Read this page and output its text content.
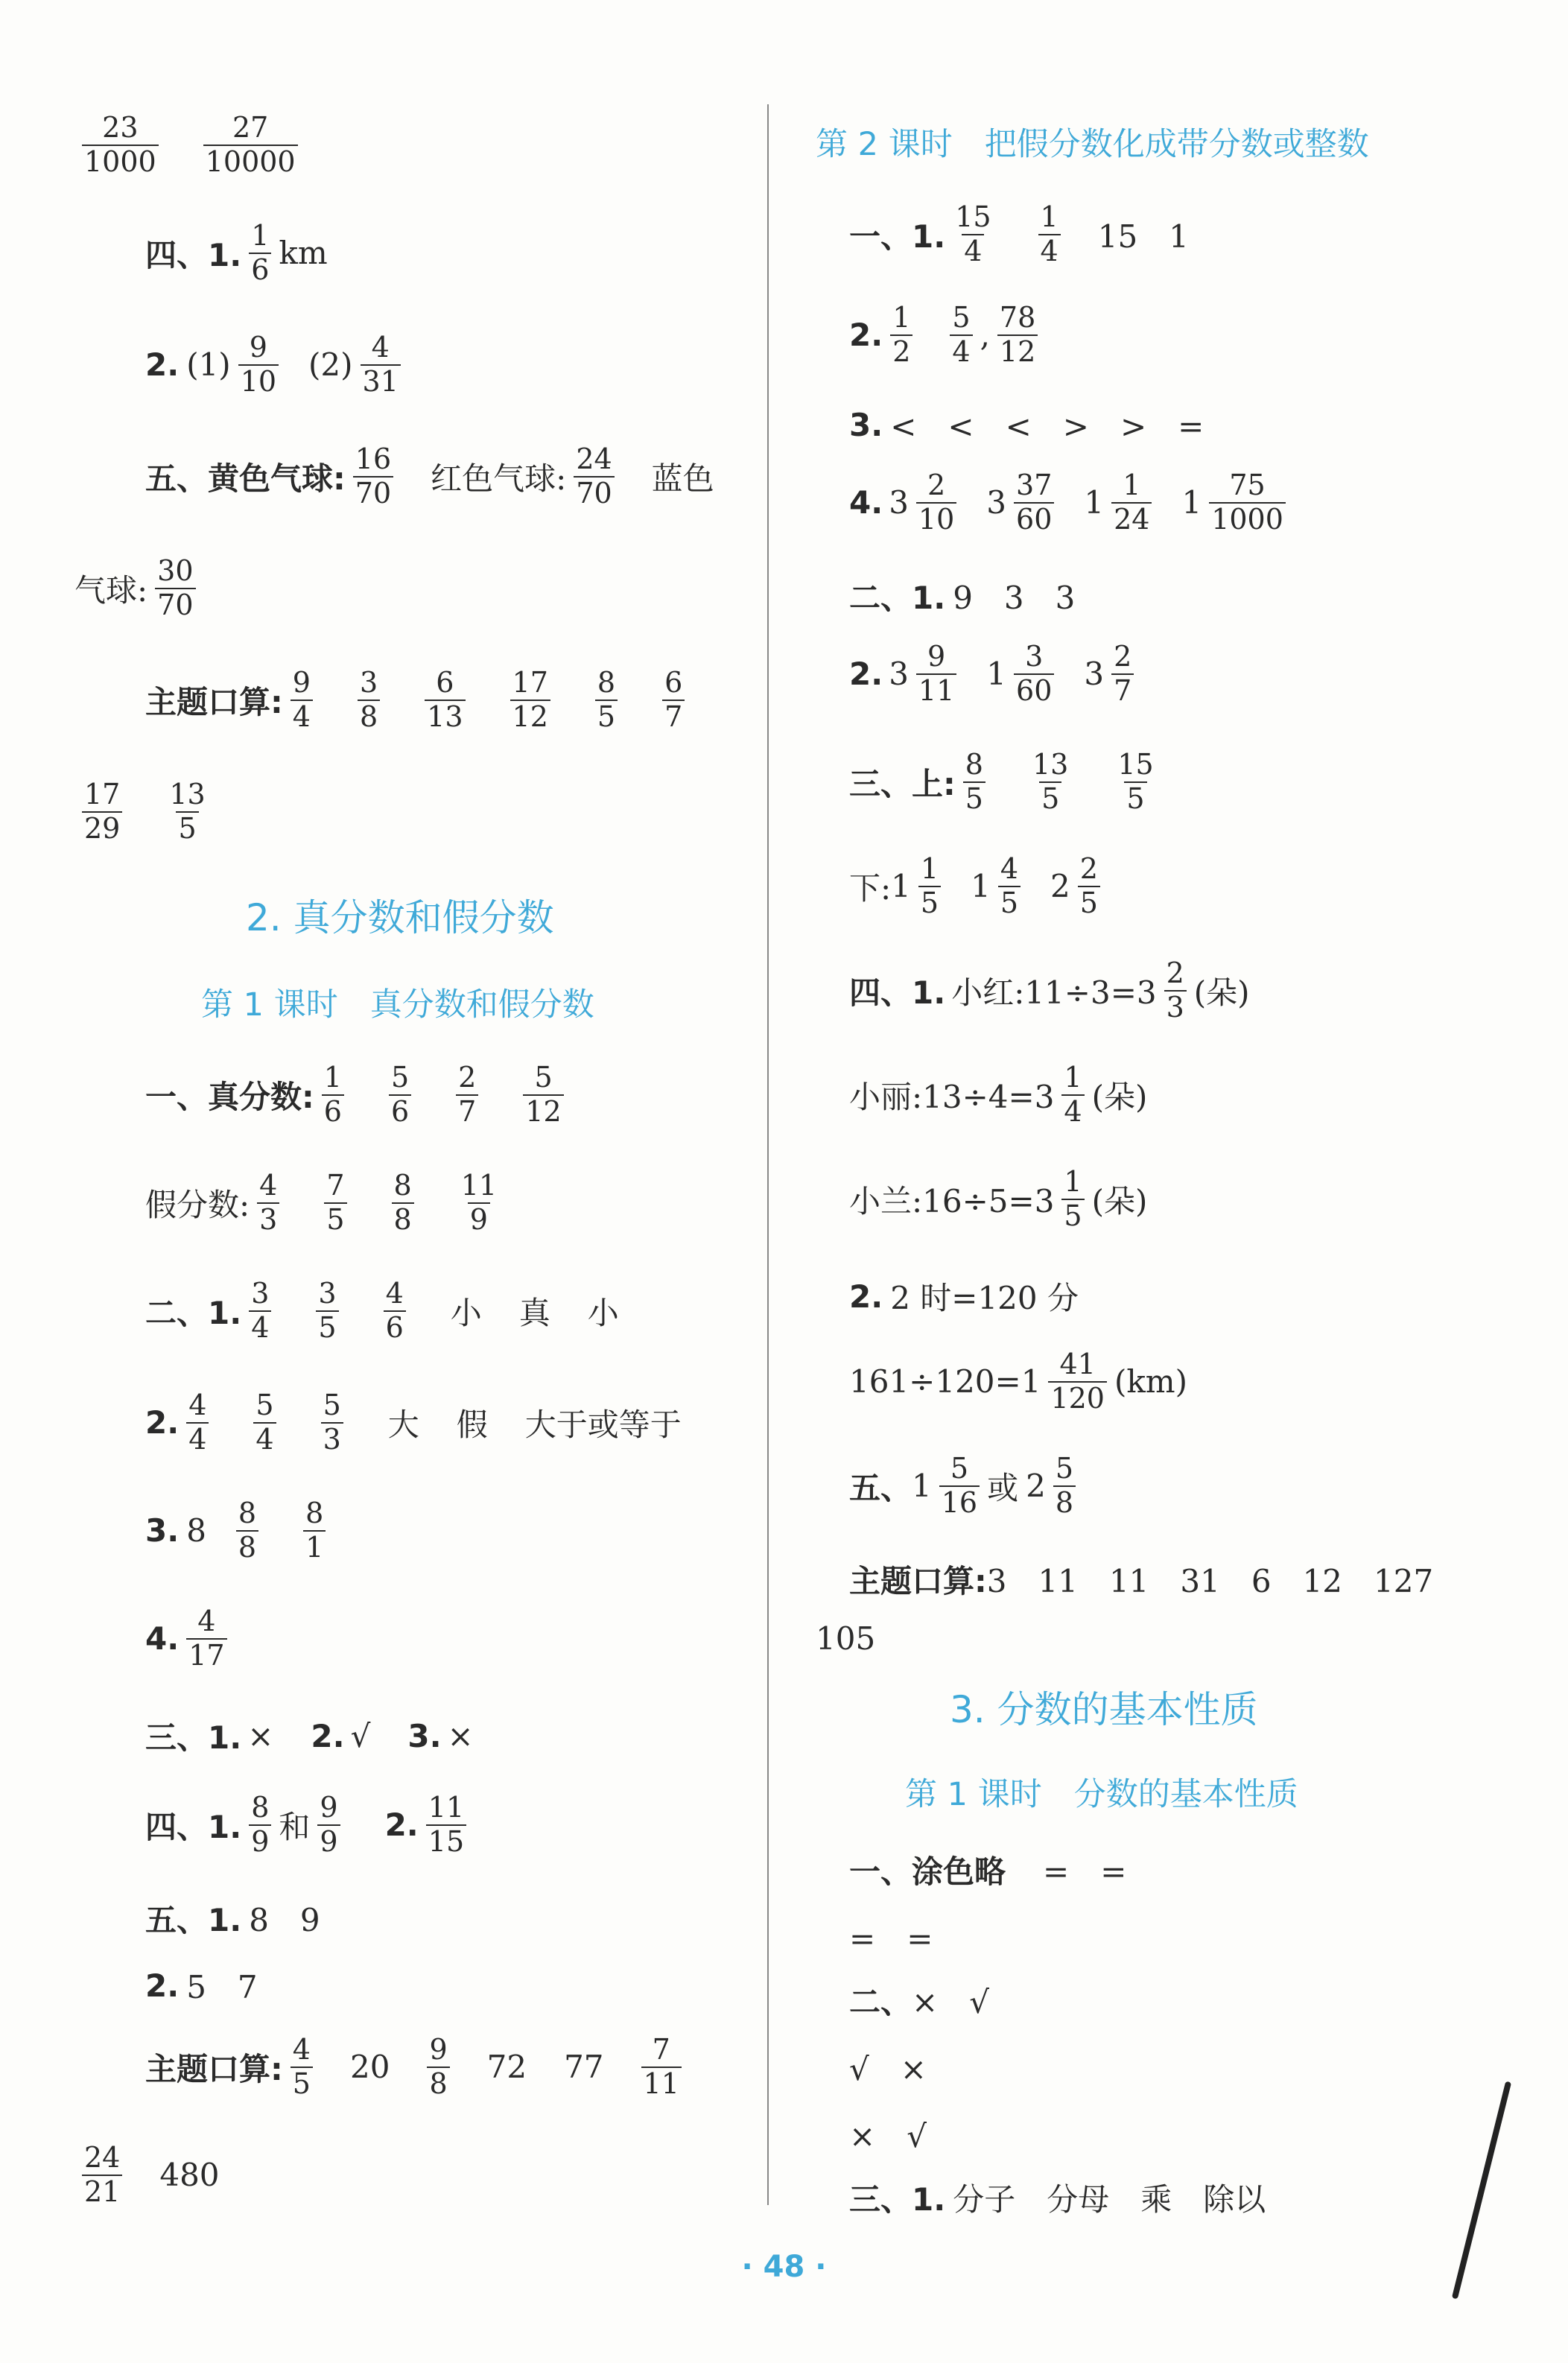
$\frac{23}{1000} \frac{27}{10000}$
四、1. $\frac{1}{6}$ km
2. $(1) \frac{9}{10} (2) \frac{4}{31}$
五、黄色气球: $\frac{16}{70}$ 红色气球: $\frac{24}{70}$ 蓝色
气球: $\frac{30}{70}$
主题口算: $\frac{9}{4} \frac{3}{8} \frac{6}{13} \frac{17}{12} \frac{8}{5} \frac{6}{7}$
$\frac{17}{29} \frac{13}{5}$
2. 真分数和假分数
第 1 课时　真分数和假分数
一、真分数: $\frac{1}{6} \frac{5}{6} \frac{2}{7} \frac{5}{12}$
假分数: $\frac{4}{3} \frac{7}{5} \frac{8}{8} \frac{11}{9}$
二、1. $\frac{3}{4} \frac{3}{5} \frac{4}{6}$ 小 真 小
2. $\frac{4}{4} \frac{5}{4} \frac{5}{3}$ 大 假 大于或等于
3. $8 \frac{8}{8} \frac{8}{1}$
4. $\frac{4}{17}$
三、1. × 2. √ 3. ×
四、1. $\frac{8}{9}$ 和 $\frac{9}{9} 2$. $\frac{11}{15}$
五、1. 8　9
2. 5　7
主题口算: $\frac{4}{5} 20 \frac{9}{8} 72$ $77 \frac{7}{11}$
$\frac{24}{21} 480$
第 2 课时　把假分数化成带分数或整数
一、1. $\frac{15}{4} \frac{1}{4} 15$　1
2. $\frac{1}{2} \frac{5}{4}$ , $\frac{78}{12}$
3. <　<　<　>　>　=
4. $3 \frac{2}{10} 3 \frac{37}{60} 1 \frac{1}{24} 1 \frac{75}{1000}$
二、1. 9　3　3
2. $3 \frac{9}{11} 1 \frac{3}{60} 3 \frac{2}{7}$
三、上: $\frac{8}{5} \frac{13}{5} \frac{15}{5}$
下: $1 \frac{1}{5} 1 \frac{4}{5} 2 \frac{2}{5}$
四、1. 小红:11÷3=3 $\frac{2}{3}$ (朵)
小丽:13÷4=3 $\frac{1}{4}$ (朵)
小兰:16÷5=3 $\frac{1}{5}$ (朵)
2. 2 时=120 分
$161\div 120=1 \frac{41}{120} (km)$
五、 $1 \frac{5}{16}$ 或 $2 \frac{5}{8}$
主题口算: 3　11　11　31　6　12　127
105
3. 分数的基本性质
第 1 课时　分数的基本性质
一、涂色略 =　=
=　=
二、 ×　√
√　×
×　√
三、1. 分子　分母　乘　除以
· 48 ·
